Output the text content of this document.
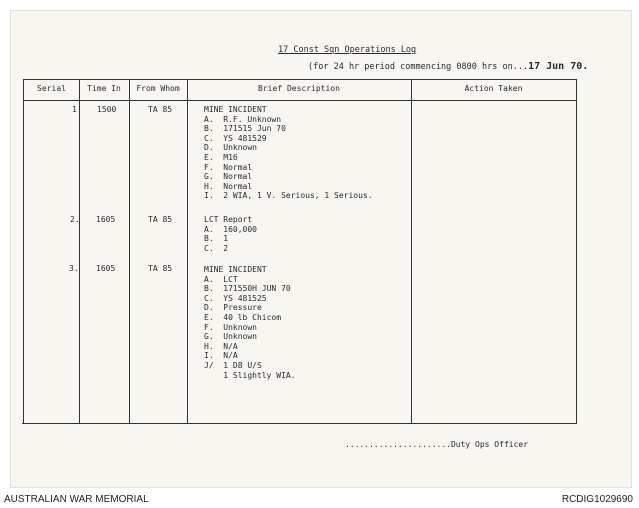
17 Const Sqn Operations Log
(for 24 hr period commencing 0800 hrs on...17 Jun 70.
Serial	Time In	From Whom	Brief Description	Action Taken
1	1500	TA 85	MINE INCIDENT
A.  R.F. Unknown
B.  171515 Jun 70
C.  YS 481529
D.  Unknown
E.  M16
F.  Normal
G.  Normal
H.  Normal
I.  2 WIA, 1 V. Serious, 1 Serious.
2. 1605	TA 85	LCT Report
A.  160,000
B.  1
C.  2
3. 1605	TA 85	MINE INCIDENT
A.  LCT
B.  171550H JUN 70
C.  YS 481525
D.  Pressure
E.  40 lb Chicom
F.  Unknown
G.  Unknown
H.  N/A
I.  N/A
J/  1 D8 U/S
1 Slightly WIA.
......................Duty Ops Officer
AUSTRALIAN WAR MEMORIAL	RCDIG1029690
